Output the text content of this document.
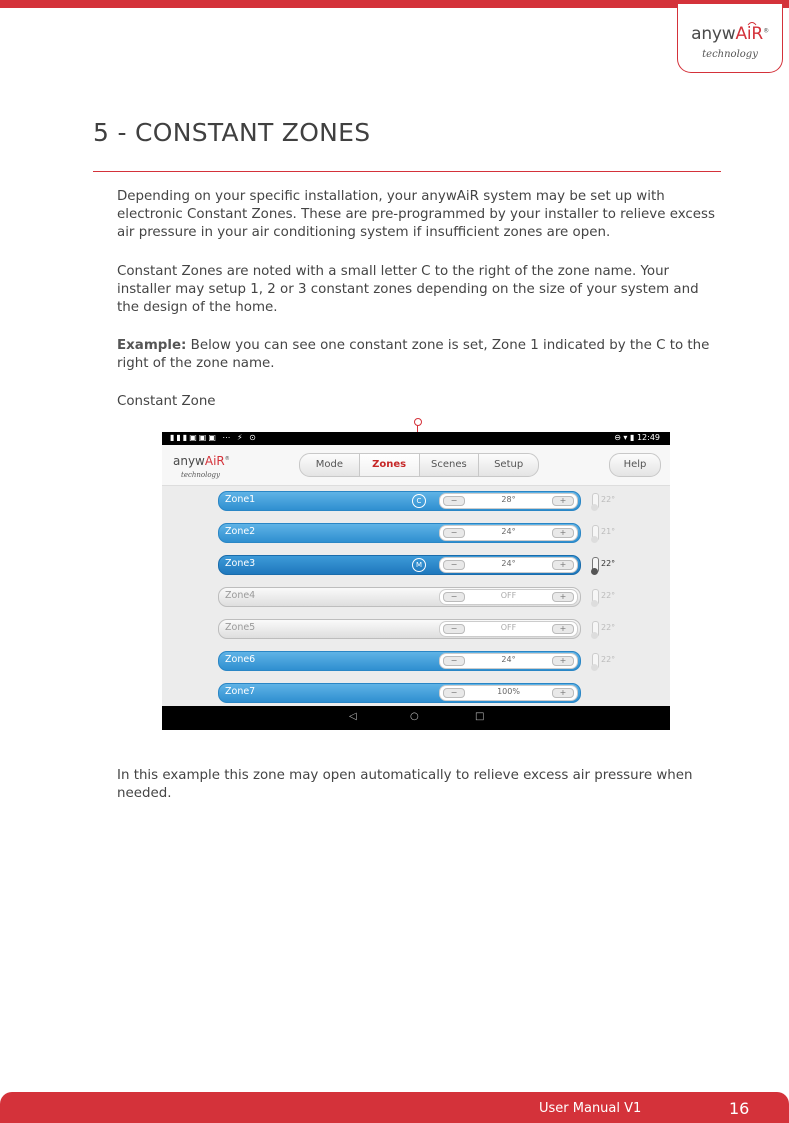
anywAiR®
technology
5 - CONSTANT ZONES

Depending on your specific installation, your anywAiR system may be set up with electronic Constant Zones. These are pre-programmed by your installer to relieve excess air pressure in your air conditioning system if insufficient zones are open.

Constant Zones are noted with a small letter C to the right of the zone name. Your installer may setup 1, 2 or 3 constant zones depending on the size of your system and the design of the home.

Example: Below you can see one constant zone is set, Zone 1 indicated by the C to the right of the zone name.

Constant Zone

▮▮▮▣▣▣ ⋯ ⚡ ⊙	⊖ ▾ ▮ 12:49
anywAiR®
technology
Mode	Zones	Scenes	Setup	Help
Zone1	C	−	28°	+	22°
Zone2	−	24°	+	21°
Zone3	M	−	24°	+	22°
Zone4	−	OFF	+	22°
Zone5	−	OFF	+	22°
Zone6	−	24°	+	22°
Zone7	−	100%	+
◁	○	□

In this example this zone may open automatically to relieve excess air pressure when needed.

User Manual V1	16
